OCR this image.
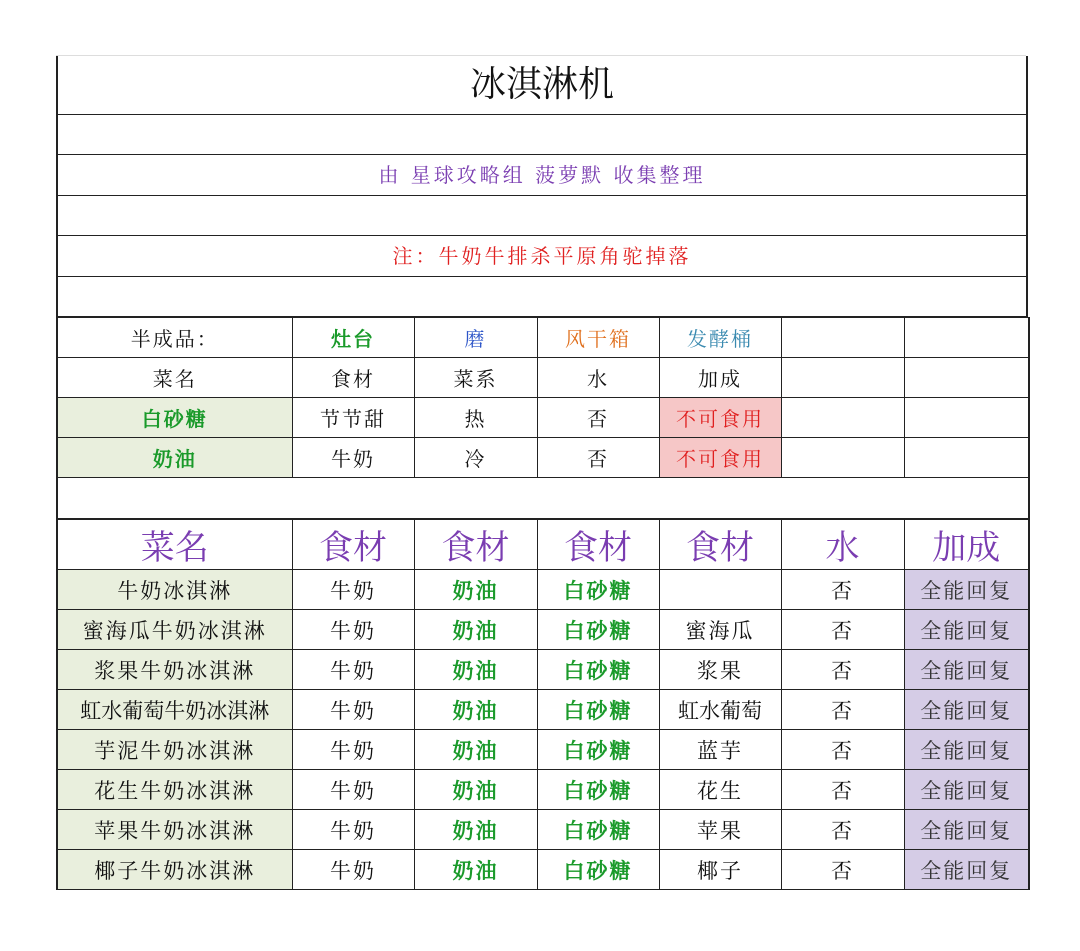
冰淇淋机
由 星球攻略组 菠萝默 收集整理
注：牛奶牛排杀平原角驼掉落
半成品：	灶台	磨	风干箱	发酵桶		
菜名	食材	菜系	水	加成		
白砂糖	节节甜	热	否	不可食用		
奶油	牛奶	冷	否	不可食用		

菜名	食材	食材	食材	食材	水	加成
牛奶冰淇淋	牛奶	奶油	白砂糖		否	全能回复
蜜海瓜牛奶冰淇淋	牛奶	奶油	白砂糖	蜜海瓜	否	全能回复
浆果牛奶冰淇淋	牛奶	奶油	白砂糖	浆果	否	全能回复
虹水葡萄牛奶冰淇淋	牛奶	奶油	白砂糖	虹水葡萄	否	全能回复
芋泥牛奶冰淇淋	牛奶	奶油	白砂糖	蓝芋	否	全能回复
花生牛奶冰淇淋	牛奶	奶油	白砂糖	花生	否	全能回复
苹果牛奶冰淇淋	牛奶	奶油	白砂糖	苹果	否	全能回复
椰子牛奶冰淇淋	牛奶	奶油	白砂糖	椰子	否	全能回复
